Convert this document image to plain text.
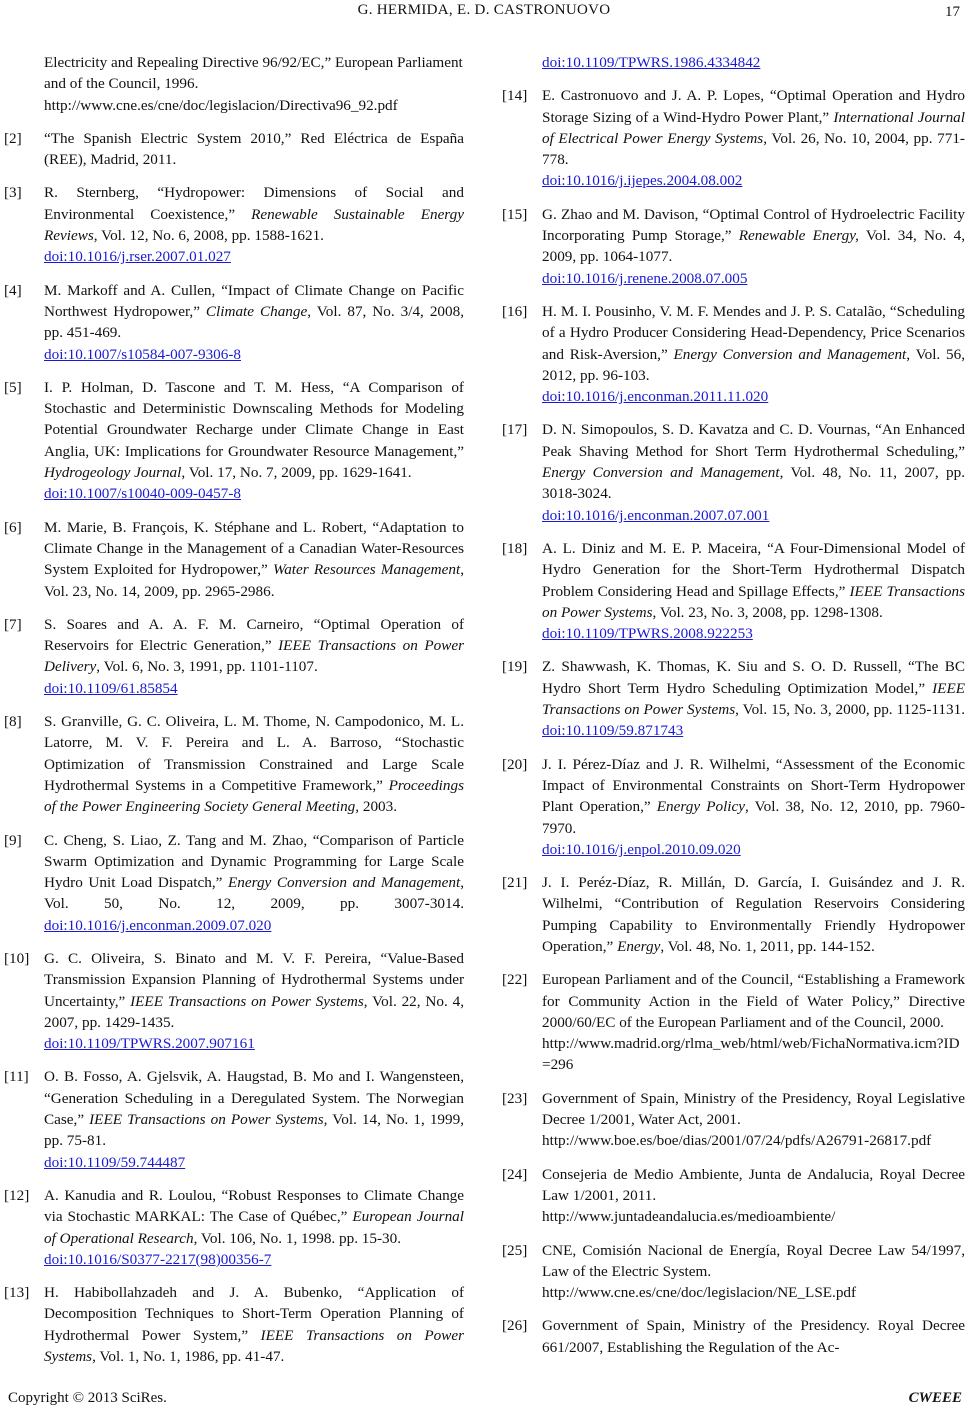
G. HERMIDA, E. D. CASTRONUOVO	17
Electricity and Repealing Directive 96/92/EC,” European Parliament and of the Council, 1996.
http://www.cne.es/cne/doc/legislacion/Directiva96_92.pdf
[2] “The Spanish Electric System 2010,” Red Eléctrica de España (REE), Madrid, 2011.
[3] R. Sternberg, “Hydropower: Dimensions of Social and Environmental Coexistence,” Renewable Sustainable Energy Reviews, Vol. 12, No. 6, 2008, pp. 1588-1621.
doi:10.1016/j.rser.2007.01.027
[4] M. Markoff and A. Cullen, “Impact of Climate Change on Pacific Northwest Hydropower,” Climate Change, Vol. 87, No. 3/4, 2008, pp. 451-469.
doi:10.1007/s10584-007-9306-8
[5] I. P. Holman, D. Tascone and T. M. Hess, “A Comparison of Stochastic and Deterministic Downscaling Methods for Modeling Potential Groundwater Recharge under Climate Change in East Anglia, UK: Implications for Groundwater Resource Management,” Hydrogeology Journal, Vol. 17, No. 7, 2009, pp. 1629-1641.
doi:10.1007/s10040-009-0457-8
[6] M. Marie, B. François, K. Stéphane and L. Robert, “Adaptation to Climate Change in the Management of a Canadian Water-Resources System Exploited for Hydropower,” Water Resources Management, Vol. 23, No. 14, 2009, pp. 2965-2986.
[7] S. Soares and A. A. F. M. Carneiro, “Optimal Operation of Reservoirs for Electric Generation,” IEEE Transactions on Power Delivery, Vol. 6, No. 3, 1991, pp. 1101-1107.
doi:10.1109/61.85854
[8] S. Granville, G. C. Oliveira, L. M. Thome, N. Campodonico, M. L. Latorre, M. V. F. Pereira and L. A. Barroso, “Stochastic Optimization of Transmission Constrained and Large Scale Hydrothermal Systems in a Competitive Framework,” Proceedings of the Power Engineering Society General Meeting, 2003.
[9] C. Cheng, S. Liao, Z. Tang and M. Zhao, “Comparison of Particle Swarm Optimization and Dynamic Programming for Large Scale Hydro Unit Load Dispatch,” Energy Conversion and Management, Vol. 50, No. 12, 2009, pp. 3007-3014. doi:10.1016/j.enconman.2009.07.020
[10] G. C. Oliveira, S. Binato and M. V. F. Pereira, “Value-Based Transmission Expansion Planning of Hydrothermal Systems under Uncertainty,” IEEE Transactions on Power Systems, Vol. 22, No. 4, 2007, pp. 1429-1435.
doi:10.1109/TPWRS.2007.907161
[11] O. B. Fosso, A. Gjelsvik, A. Haugstad, B. Mo and I. Wangensteen, “Generation Scheduling in a Deregulated System. The Norwegian Case,” IEEE Transactions on Power Systems, Vol. 14, No. 1, 1999, pp. 75-81.
doi:10.1109/59.744487
[12] A. Kanudia and R. Loulou, “Robust Responses to Climate Change via Stochastic MARKAL: The Case of Québec,” European Journal of Operational Research, Vol. 106, No. 1, 1998. pp. 15-30.
doi:10.1016/S0377-2217(98)00356-7
[13] H. Habibollahzadeh and J. A. Bubenko, “Application of Decomposition Techniques to Short-Term Operation Planning of Hydrothermal Power System,” IEEE Transactions on Power Systems, Vol. 1, No. 1, 1986, pp. 41-47.
doi:10.1109/TPWRS.1986.4334842
[14] E. Castronuovo and J. A. P. Lopes, “Optimal Operation and Hydro Storage Sizing of a Wind-Hydro Power Plant,” International Journal of Electrical Power Energy Systems, Vol. 26, No. 10, 2004, pp. 771-778.
doi:10.1016/j.ijepes.2004.08.002
[15] G. Zhao and M. Davison, “Optimal Control of Hydroelectric Facility Incorporating Pump Storage,” Renewable Energy, Vol. 34, No. 4, 2009, pp. 1064-1077.
doi:10.1016/j.renene.2008.07.005
[16] H. M. I. Pousinho, V. M. F. Mendes and J. P. S. Catalão, “Scheduling of a Hydro Producer Considering Head-Dependency, Price Scenarios and Risk-Aversion,” Energy Conversion and Management, Vol. 56, 2012, pp. 96-103.
doi:10.1016/j.enconman.2011.11.020
[17] D. N. Simopoulos, S. D. Kavatza and C. D. Vournas, “An Enhanced Peak Shaving Method for Short Term Hydrothermal Scheduling,” Energy Conversion and Management, Vol. 48, No. 11, 2007, pp. 3018-3024.
doi:10.1016/j.enconman.2007.07.001
[18] A. L. Diniz and M. E. P. Maceira, “A Four-Dimensional Model of Hydro Generation for the Short-Term Hydrothermal Dispatch Problem Considering Head and Spillage Effects,” IEEE Transactions on Power Systems, Vol. 23, No. 3, 2008, pp. 1298-1308.
doi:10.1109/TPWRS.2008.922253
[19] Z. Shawwash, K. Thomas, K. Siu and S. O. D. Russell, “The BC Hydro Short Term Hydro Scheduling Optimization Model,” IEEE Transactions on Power Systems, Vol. 15, No. 3, 2000, pp. 1125-1131. doi:10.1109/59.871743
[20] J. I. Pérez-Díaz and J. R. Wilhelmi, “Assessment of the Economic Impact of Environmental Constraints on Short-Term Hydropower Plant Operation,” Energy Policy, Vol. 38, No. 12, 2010, pp. 7960-7970.
doi:10.1016/j.enpol.2010.09.020
[21] J. I. Peréz-Díaz, R. Millán, D. García, I. Guisández and J. R. Wilhelmi, “Contribution of Regulation Reservoirs Considering Pumping Capability to Environmentally Friendly Hydropower Operation,” Energy, Vol. 48, No. 1, 2011, pp. 144-152.
[22] European Parliament and of the Council, “Establishing a Framework for Community Action in the Field of Water Policy,” Directive 2000/60/EC of the European Parliament and of the Council, 2000.
http://www.madrid.org/rlma_web/html/web/FichaNormativa.icm?ID=296
[23] Government of Spain, Ministry of the Presidency, Royal Legislative Decree 1/2001, Water Act, 2001.
http://www.boe.es/boe/dias/2001/07/24/pdfs/A26791-26817.pdf
[24] Consejeria de Medio Ambiente, Junta de Andalucia, Royal Decree Law 1/2001, 2011.
http://www.juntadeandalucia.es/medioambiente/
[25] CNE, Comisión Nacional de Energía, Royal Decree Law 54/1997, Law of the Electric System.
http://www.cne.es/cne/doc/legislacion/NE_LSE.pdf
[26] Government of Spain, Ministry of the Presidency. Royal Decree 661/2007, Establishing the Regulation of the Ac-
Copyright © 2013 SciRes.	CWEEE
